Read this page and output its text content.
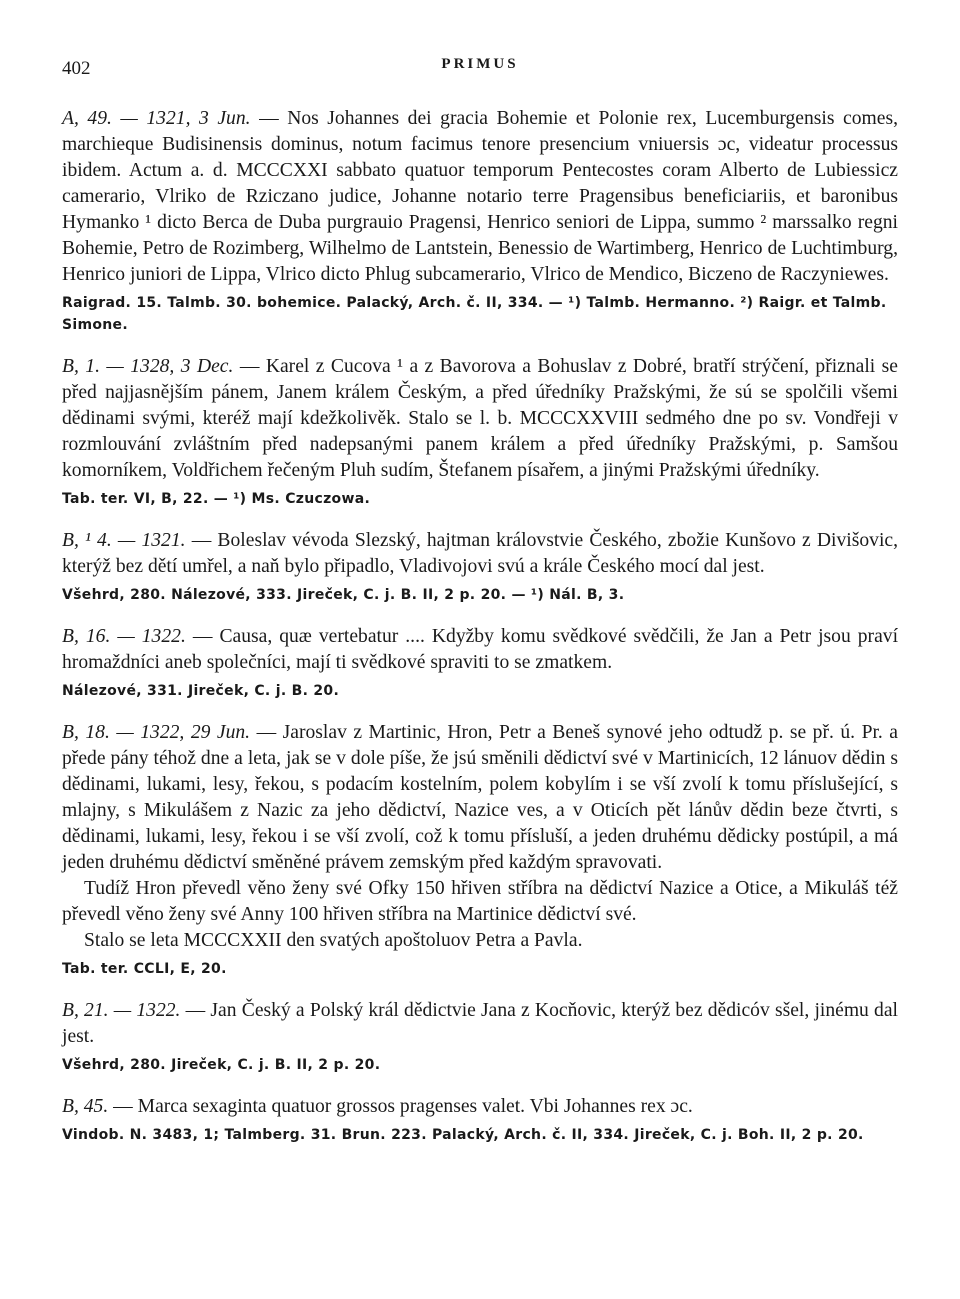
402	PRIMUS

A, 49. — 1321, 3 Jun. — Nos Johannes dei gracia Bohemie et Polonie rex, Lucemburgensis comes, marchieque Budisinensis dominus, notum facimus tenore presencium vniuersis ɔc, videatur processus ibidem. Actum a. d. MCCCXXI sabbato quatuor temporum Pentecostes coram Alberto de Lubiessicz camerario, Vlriko de Rziczano judice, Johanne notario terre Pragensibus beneficiariis, et baronibus Hymanko ¹ dicto Berca de Duba purgrauio Pragensi, Henrico seniori de Lippa, summo ² marssalko regni Bohemie, Petro de Rozimberg, Wilhelmo de Lantstein, Benessio de Wartimberg, Henrico de Luchtimburg, Henrico juniori de Lippa, Vlrico dicto Phlug subcamerario, Vlrico de Mendico, Biczeno de Raczyniewes.

Raigrad. 15. Talmb. 30. bohemice. Palacký, Arch. č. II, 334. — ¹) Talmb. Hermanno. ²) Raigr. et Talmb. Simone.

B, 1. — 1328, 3 Dec. — Karel z Cucova ¹ a z Bavorova a Bohuslav z Dobré, bratří strýčení, přiznali se před najjasnějším pánem, Janem králem Českým, a před úředníky Pražskými, že sú se spolčili všemi dědinami svými, kteréž mají kdežkolivěk. Stalo se l. b. MCCCXXVIII sedmého dne po sv. Vondřeji v rozmlouvání zvláštním před nadepsanými panem králem a před úředníky Pražskými, p. Samšou komorníkem, Voldřichem řečeným Pluh sudím, Štefanem písařem, a jinými Pražskými úředníky.

Tab. ter. VI, B, 22. — ¹) Ms. Czuczowa.

B, ¹ 4. — 1321. — Boleslav vévoda Slezský, hajtman královstvie Českého, zbožie Kunšovo z Divišovic, kterýž bez dětí umřel, a naň bylo připadlo, Vladivojovi svú a krále Českého mocí dal jest.

Všehrd, 280. Nálezové, 333. Jireček, C. j. B. II, 2 p. 20. — ¹) Nál. B, 3.

B, 16. — 1322. — Causa, quæ vertebatur .... Kdyžby komu svědkové svědčili, že Jan a Petr jsou praví hromaždníci aneb společníci, mají ti svědkové spraviti to se zmatkem.

Nálezové, 331. Jireček, C. j. B. 20.

B, 18. — 1322, 29 Jun. — Jaroslav z Martinic, Hron, Petr a Beneš synové jeho odtudž p. se př. ú. Pr. a přede pány téhož dne a leta, jak se v dole píše, že jsú směnili dědictví své v Martinicích, 12 lánuov dědin s dědinami, lukami, lesy, řekou, s podacím kostelním, polem kobylím i se vší zvolí k tomu příslušející, s mlajny, s Mikulášem z Nazic za jeho dědictví, Nazice ves, a v Oticích pět lánův dědin beze čtvrti, s dědinami, lukami, lesy, řekou i se vší zvolí, což k tomu přísluší, a jeden druhému dědicky postúpil, a má jeden druhému dědictví směněné právem zemským před každým spravovati.

Tudíž Hron převedl věno ženy své Ofky 150 hřiven stříbra na dědictví Nazice a Otice, a Mikuláš též převedl věno ženy své Anny 100 hřiven stříbra na Martinice dědictví své.

Stalo se leta MCCCXXII den svatých apoštoluov Petra a Pavla.

Tab. ter. CCLI, E, 20.

B, 21. — 1322. — Jan Český a Polský král dědictvie Jana z Kocňovic, kterýž bez dědicóv sšel, jinému dal jest.

Všehrd, 280. Jireček, C. j. B. II, 2 p. 20.

B, 45. — Marca sexaginta quatuor grossos pragenses valet. Vbi Johannes rex ɔc.

Vindob. N. 3483, 1; Talmberg. 31. Brun. 223. Palacký, Arch. č. II, 334. Jireček, C. j. Boh. II, 2 p. 20.
